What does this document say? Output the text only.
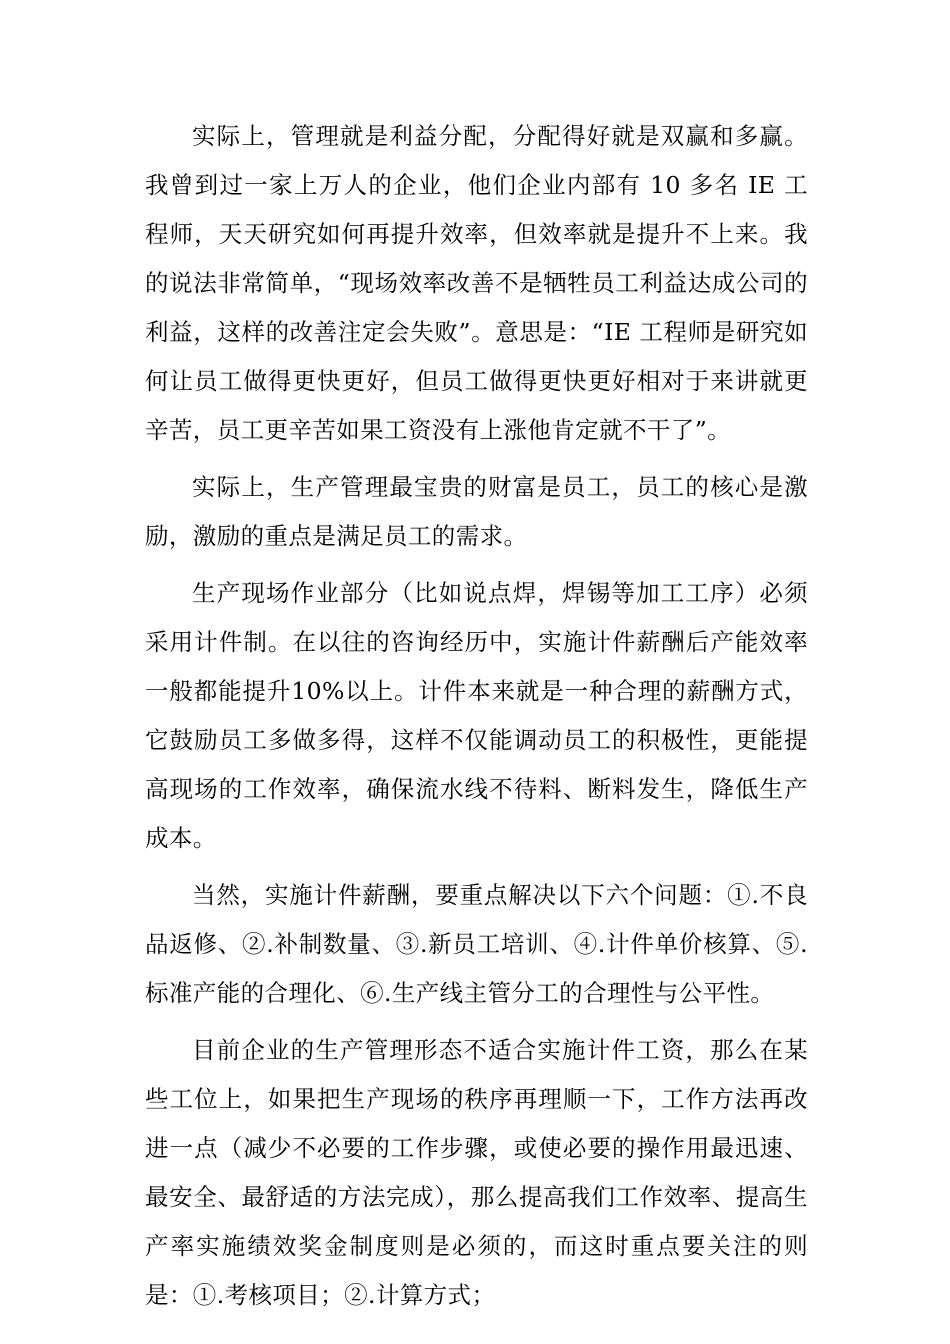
实际上，管理就是利益分配，分配得好就是双赢和多赢。我曾到过一家上万人的企业，他们企业内部有 10 多名 IE 工程师，天天研究如何再提升效率，但效率就是提升不上来。我的说法非常简单，“现场效率改善不是牺牲员工利益达成公司的利益，这样的改善注定会失败”。意思是：“IE 工程师是研究如何让员工做得更快更好，但员工做得更快更好相对于来讲就更辛苦，员工更辛苦如果工资没有上涨他肯定就不干了”。

实际上，生产管理最宝贵的财富是员工，员工的核心是激励，激励的重点是满足员工的需求。

生产现场作业部分（比如说点焊，焊锡等加工工序）必须采用计件制。在以往的咨询经历中，实施计件薪酬后产能效率一般都能提升10%以上。计件本来就是一种合理的薪酬方式，它鼓励员工多做多得，这样不仅能调动员工的积极性，更能提高现场的工作效率，确保流水线不待料、断料发生，降低生产成本。

当然，实施计件薪酬，要重点解决以下六个问题：①.不良品返修、②.补制数量、③.新员工培训、④.计件单价核算、⑤.标准产能的合理化、⑥.生产线主管分工的合理性与公平性。

目前企业的生产管理形态不适合实施计件工资，那么在某些工位上，如果把生产现场的秩序再理顺一下，工作方法再改进一点（减少不必要的工作步骤，或使必要的操作用最迅速、最安全、最舒适的方法完成），那么提高我们工作效率、提高生产率实施绩效奖金制度则是必须的，而这时重点要关注的则是：①.考核项目；②.计算方式；
